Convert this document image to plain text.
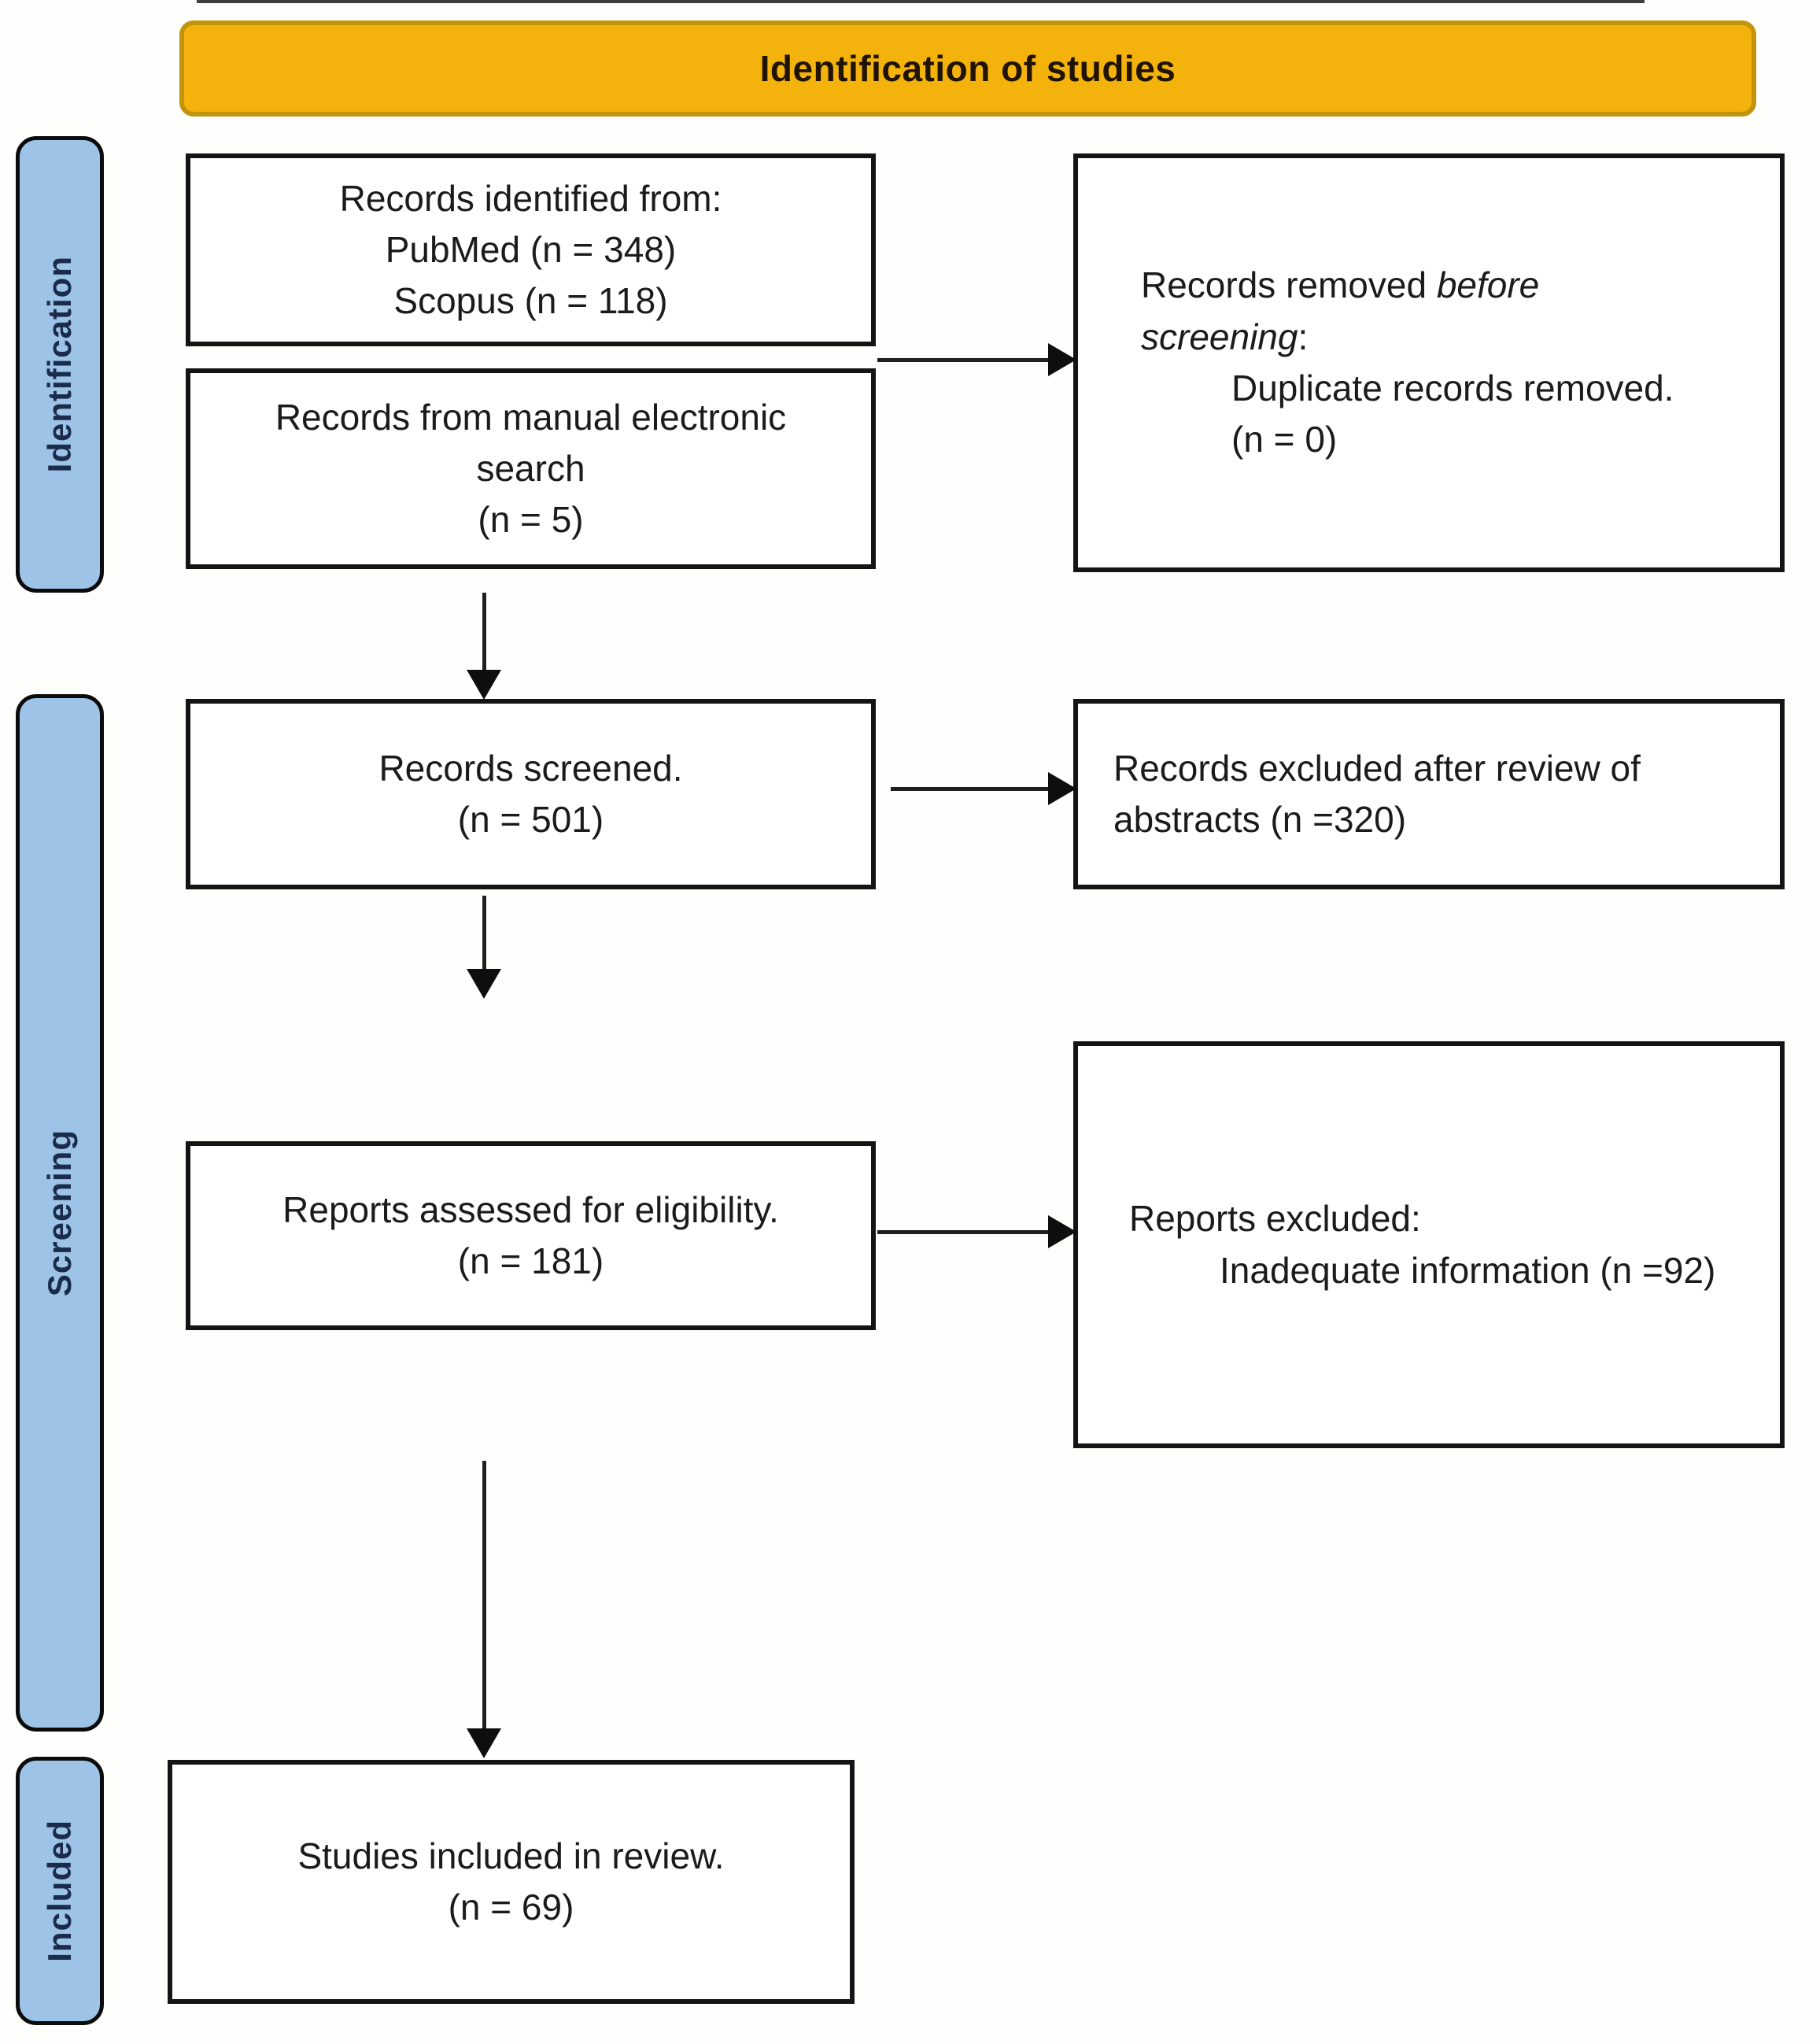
Identification of studies
Identification
Screening
Included
Records identified from:
PubMed (n = 348)
Scopus (n = 118)
Records from manual electronic
search
(n = 5)
Records screened.
(n = 501)
Reports assessed for eligibility.
(n = 181)
Studies included in review.
(n = 69)
Records removed before
screening:
Duplicate records removed.
(n = 0)
Records excluded after review of
abstracts (n =320)
Reports excluded:
Inadequate information (n =92)
